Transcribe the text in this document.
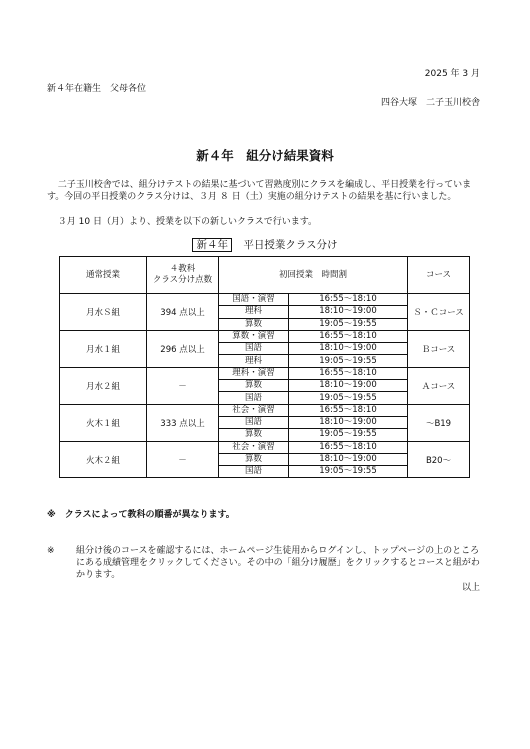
2025 年 3 月
新４年在籍生　父母各位
四谷大塚　二子玉川校舎
新４年　組分け結果資料
二子玉川校舎では、組分けテストの結果に基づいて習熟度別にクラスを編成し、平日授業を行っています。今回の平日授業のクラス分けは、３月 ８ 日（土）実施の組分けテストの結果を基に行いました。
３月 10 日（月）より、授業を以下の新しいクラスで行います。
新４年 平日授業クラス分け
通常授業	４教科
クラス分け点数	初回授業　時間割		コース
月水Ｓ組	394 点以上	国語・演習	16:55～18:10	Ｓ・Ｃコース
		理科	18:10～19:00	
		算数	19:05～19:55	
月水１組	296 点以上	算数・演習	16:55～18:10	Ｂコース
		国語	18:10～19:00	
		理科	19:05～19:55	
月水２組	－	理科・演習	16:55～18:10	Ａコース
		算数	18:10～19:00	
		国語	19:05～19:55	
火木１組	333 点以上	社会・演習	16:55～18:10	～B19
		国語	18:10～19:00	
		算数	19:05～19:55	
火木２組	－	社会・演習	16:55～18:10	B20～
		算数	18:10～19:00	
		国語	19:05～19:55	
※　クラスによって教科の順番が異なります。
※	組分け後のコースを確認するには、ホームページ生徒用からログインし、トップページの上のところにある成績管理をクリックしてください。その中の「組分け履歴」をクリックするとコースと組がわかります。
以上
